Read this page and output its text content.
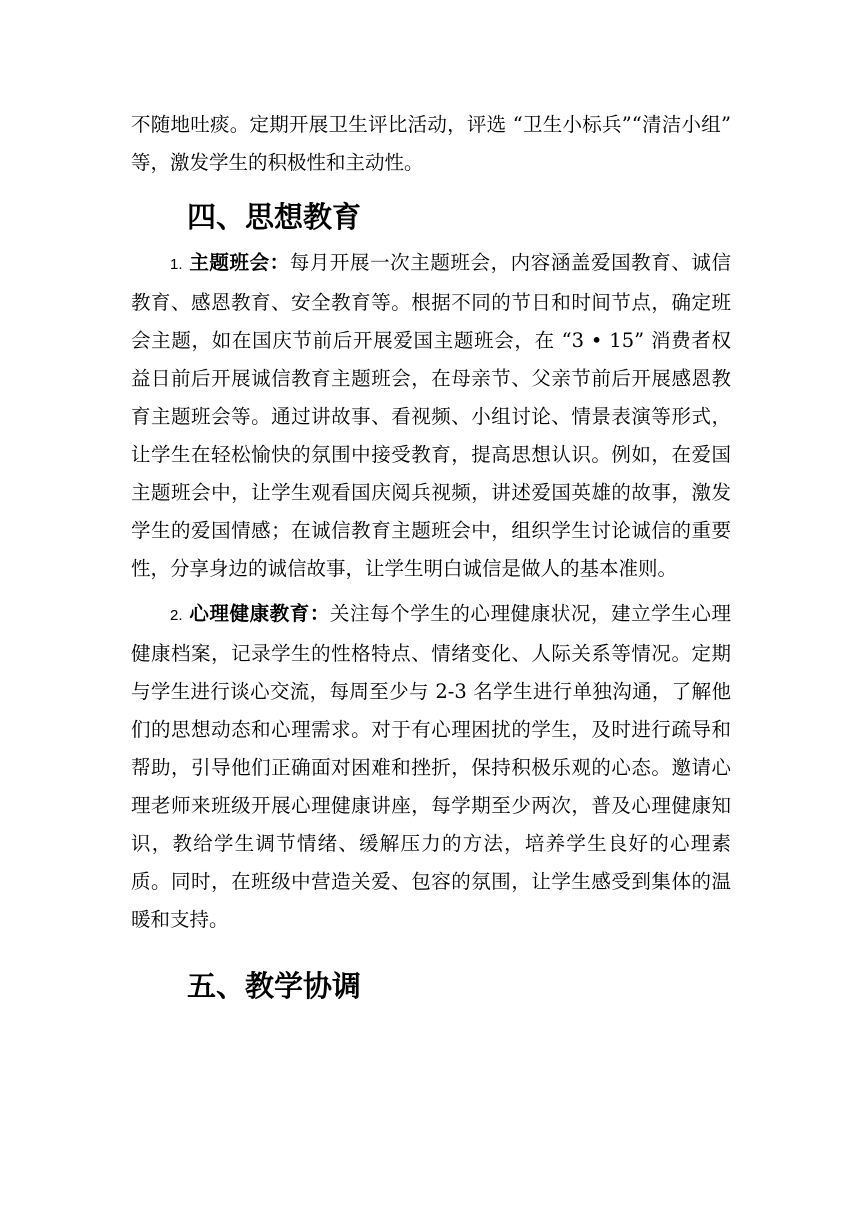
不随地吐痰。定期开展卫生评比活动，评选 “卫生小标兵”“清洁小组” 等，激发学生的积极性和主动性。

四、思想教育

1. 主题班会：每月开展一次主题班会，内容涵盖爱国教育、诚信教育、感恩教育、安全教育等。根据不同的节日和时间节点，确定班会主题，如在国庆节前后开展爱国主题班会，在 “3 • 15” 消费者权益日前后开展诚信教育主题班会，在母亲节、父亲节前后开展感恩教育主题班会等。通过讲故事、看视频、小组讨论、情景表演等形式，让学生在轻松愉快的氛围中接受教育，提高思想认识。例如，在爱国主题班会中，让学生观看国庆阅兵视频，讲述爱国英雄的故事，激发学生的爱国情感；在诚信教育主题班会中，组织学生讨论诚信的重要性，分享身边的诚信故事，让学生明白诚信是做人的基本准则。

2. 心理健康教育：关注每个学生的心理健康状况，建立学生心理健康档案，记录学生的性格特点、情绪变化、人际关系等情况。定期与学生进行谈心交流，每周至少与 2-3 名学生进行单独沟通，了解他们的思想动态和心理需求。对于有心理困扰的学生，及时进行疏导和帮助，引导他们正确面对困难和挫折，保持积极乐观的心态。邀请心理老师来班级开展心理健康讲座，每学期至少两次，普及心理健康知识，教给学生调节情绪、缓解压力的方法，培养学生良好的心理素质。同时，在班级中营造关爱、包容的氛围，让学生感受到集体的温暖和支持。

五、教学协调
